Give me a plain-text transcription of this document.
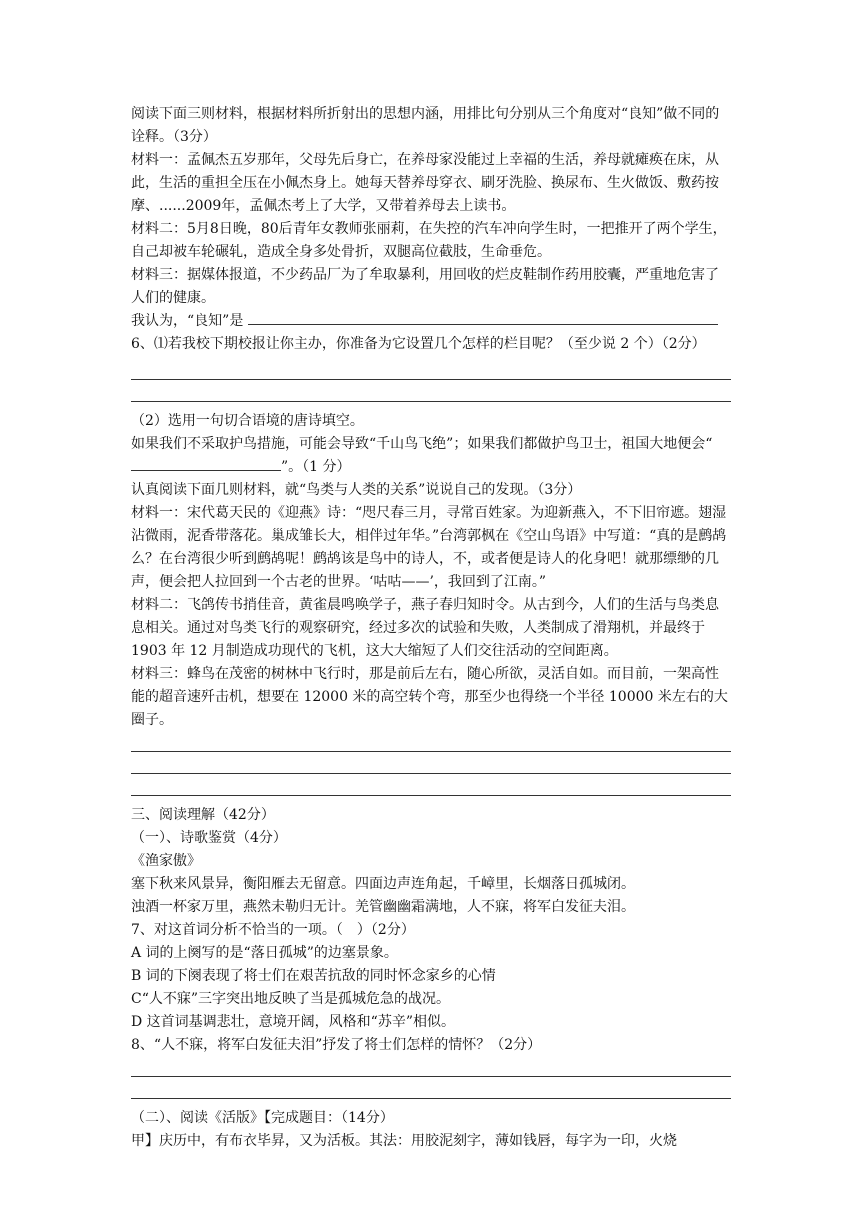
阅读下面三则材料，根据材料所折射出的思想内涵，用排比句分别从三个角度对“良知”做不同的诠释。（3分）
材料一：孟佩杰五岁那年，父母先后身亡，在养母家没能过上幸福的生活，养母就瘫痪在床，从此，生活的重担全压在小佩杰身上。她每天替养母穿衣、刷牙洗脸、换尿布、生火做饭、敷药按摩、......2009年，孟佩杰考上了大学，又带着养母去上读书。
材料二：5月8日晚，80后青年女教师张丽莉，在失控的汽车冲向学生时，一把推开了两个学生，自己却被车轮碾轧，造成全身多处骨折，双腿高位截肢，生命垂危。
材料三：据媒体报道，不少药品厂为了牟取暴利，用回收的烂皮鞋制作药用胶囊，严重地危害了人们的健康。
我认为，“良知”是
6、⑴若我校下期校报让你主办，你准备为它设置几个怎样的栏目呢？（至少说 2 个）（2分）
（2）选用一句切合语境的唐诗填空。
如果我们不采取护鸟措施，可能会导致“千山鸟飞绝”；如果我们都做护鸟卫士，祖国大地便会“”。（1 分）
认真阅读下面几则材料，就“鸟类与人类的关系”说说自己的发现。（3分）
材料一：宋代葛天民的《迎燕》诗：“咫尺春三月，寻常百姓家。为迎新燕入，不下旧帘遮。翅湿沾微雨，泥香带落花。巢成雏长大，相伴过年华。”台湾郭枫在《空山鸟语》中写道：“真的是鹧鸪么？在台湾很少听到鹧鸪呢！鹧鸪该是鸟中的诗人，不，或者便是诗人的化身吧！就那缥缈的几声，便会把人拉回到一个古老的世界。‘咕咕——’，我回到了江南。”
材料二：飞鸽传书捎佳音，黄雀晨鸣唤学子，燕子春归知时令。从古到今，人们的生活与鸟类息息相关。通过对鸟类飞行的观察研究，经过多次的试验和失败，人类制成了滑翔机，并最终于 1903 年 12 月制造成功现代的飞机，这大大缩短了人们交往活动的空间距离。
材料三：蜂鸟在茂密的树林中飞行时，那是前后左右，随心所欲，灵活自如。而目前，一架高性能的超音速歼击机，想要在 12000 米的高空转个弯，那至少也得绕一个半径 10000 米左右的大圈子。
三、阅读理解（42分）
（一）、诗歌鉴赏（4分）
《渔家傲》
塞下秋来风景异，衡阳雁去无留意。四面边声连角起，千嶂里，长烟落日孤城闭。
浊酒一杯家万里，燕然未勒归无计。羌管幽幽霜满地，人不寐，将军白发征夫泪。
7、对这首词分析不恰当的一项。（　）（2分）
A 词的上阕写的是“落日孤城”的边塞景象。
B 词的下阕表现了将士们在艰苦抗敌的同时怀念家乡的心情
C“人不寐”三字突出地反映了当是孤城危急的战况。
D 这首词基调悲壮，意境开阔，风格和“苏辛”相似。
8、“人不寐，将军白发征夫泪”抒发了将士们怎样的情怀？（2分）
（二）、阅读《活版》【完成题目：（14分）
甲】庆历中，有布衣毕昇，又为活板。其法：用胶泥刻字，薄如钱唇，每字为一印，火烧
